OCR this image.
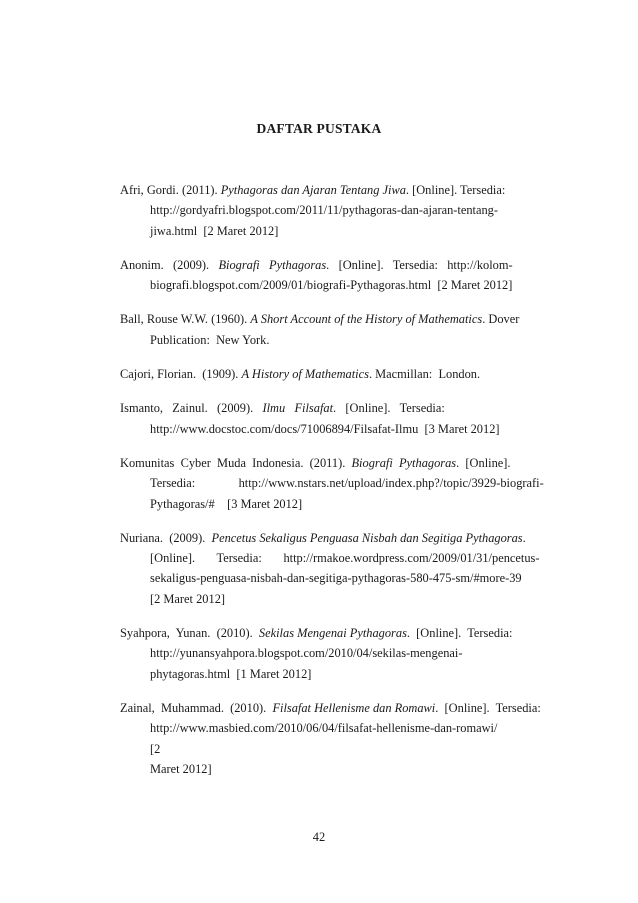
DAFTAR PUSTAKA
Afri, Gordi. (2011). Pythagoras dan Ajaran Tentang Jiwa. [Online]. Tersedia:
http://gordyafri.blogspot.com/2011/11/pythagoras-dan-ajaran-tentang-
jiwa.html  [2 Maret 2012]
Anonim.   (2009).   Biografi   Pythagoras.   [Online].   Tersedia:   http://kolom-
biografi.blogspot.com/2009/01/biografi-Pythagoras.html  [2 Maret 2012]
Ball, Rouse W.W. (1960). A Short Account of the History of Mathematics. Dover
Publication:  New York.
Cajori, Florian.  (1909). A History of Mathematics. Macmillan:  London.
Ismanto,   Zainul.   (2009).   Ilmu   Filsafat.   [Online].   Tersedia:
http://www.docstoc.com/docs/71006894/Filsafat-Ilmu  [3 Maret 2012]
Komunitas  Cyber  Muda  Indonesia.  (2011).  Biografi  Pythagoras.  [Online].
Tersedia:              http://www.nstars.net/upload/index.php?/topic/3929-biografi-
Pythagoras/#    [3 Maret 2012]
Nuriana.  (2009).  Pencetus Sekaligus Penguasa Nisbah dan Segitiga Pythagoras.
[Online].       Tersedia:       http://rmakoe.wordpress.com/2009/01/31/pencetus-
sekaligus-penguasa-nisbah-dan-segitiga-pythagoras-580-475-sm/#more-39
[2 Maret 2012]
Syahpora,  Yunan.  (2010).  Sekilas Mengenai Pythagoras.  [Online].  Tersedia:
http://yunansyahpora.blogspot.com/2010/04/sekilas-mengenai-
phytagoras.html  [1 Maret 2012]
Zainal,  Muhammad.  (2010).  Filsafat Hellenisme dan Romawi.  [Online].  Tersedia:
http://www.masbied.com/2010/06/04/filsafat-hellenisme-dan-romawi/               [2
Maret 2012]
42
